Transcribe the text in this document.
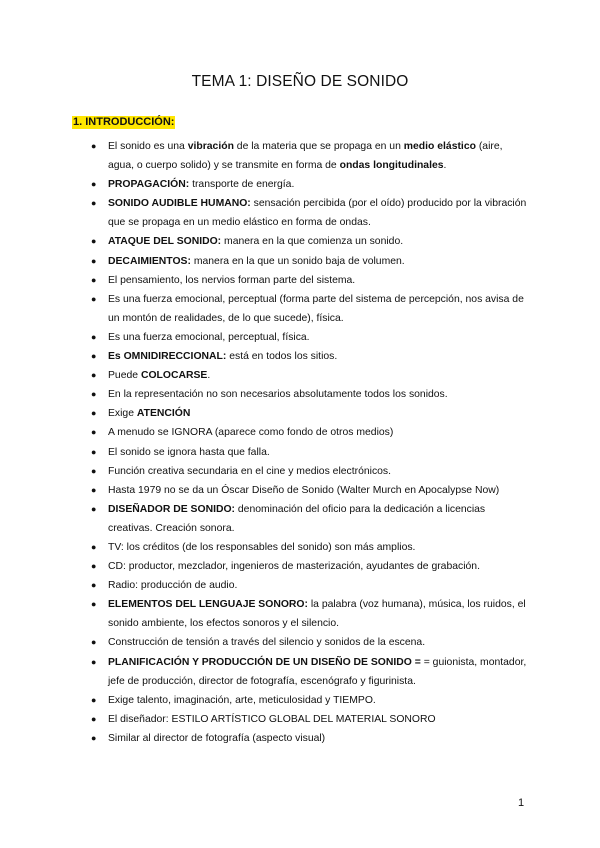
TEMA 1: DISEÑO DE SONIDO
1. INTRODUCCIÓN:
● El sonido es una vibración de la materia que se propaga en un medio elástico (aire, agua, o cuerpo solido) y se transmite en forma de ondas longitudinales.
● PROPAGACIÓN: transporte de energía.
● SONIDO AUDIBLE HUMANO: sensación percibida (por el oído) producido por la vibración que se propaga en un medio elástico en forma de ondas.
● ATAQUE DEL SONIDO: manera en la que comienza un sonido.
● DECAIMIENTOS: manera en la que un sonido baja de volumen.
● El pensamiento, los nervios forman parte del sistema.
● Es una fuerza emocional, perceptual (forma parte del sistema de percepción, nos avisa de un montón de realidades, de lo que sucede), física.
● Es una fuerza emocional, perceptual, física.
● Es OMNIDIRECCIONAL: está en todos los sitios.
● Puede COLOCARSE.
● En la representación no son necesarios absolutamente todos los sonidos.
● Exige ATENCIÓN
● A menudo se IGNORA (aparece como fondo de otros medios)
● El sonido se ignora hasta que falla.
● Función creativa secundaria en el cine y medios electrónicos.
● Hasta 1979 no se da un Óscar Diseño de Sonido (Walter Murch en Apocalypse Now)
● DISEÑADOR DE SONIDO: denominación del oficio para la dedicación a licencias creativas. Creación sonora.
● TV: los créditos (de los responsables del sonido) son más amplios.
● CD: productor, mezclador, ingenieros de masterización, ayudantes de grabación.
● Radio: producción de audio.
● ELEMENTOS DEL LENGUAJE SONORO: la palabra (voz humana), música, los ruidos, el sonido ambiente, los efectos sonoros y el silencio.
● Construcción de tensión a través del silencio y sonidos de la escena.
● PLANIFICACIÓN Y PRODUCCIÓN DE UN DISEÑO DE SONIDO = = guionista, montador, jefe de producción, director de fotografía, escenógrafo y figurinista.
● Exige talento, imaginación, arte, meticulosidad y TIEMPO.
● El diseñador: ESTILO ARTÍSTICO GLOBAL DEL MATERIAL SONORO
● Similar al director de fotografía (aspecto visual)
1
